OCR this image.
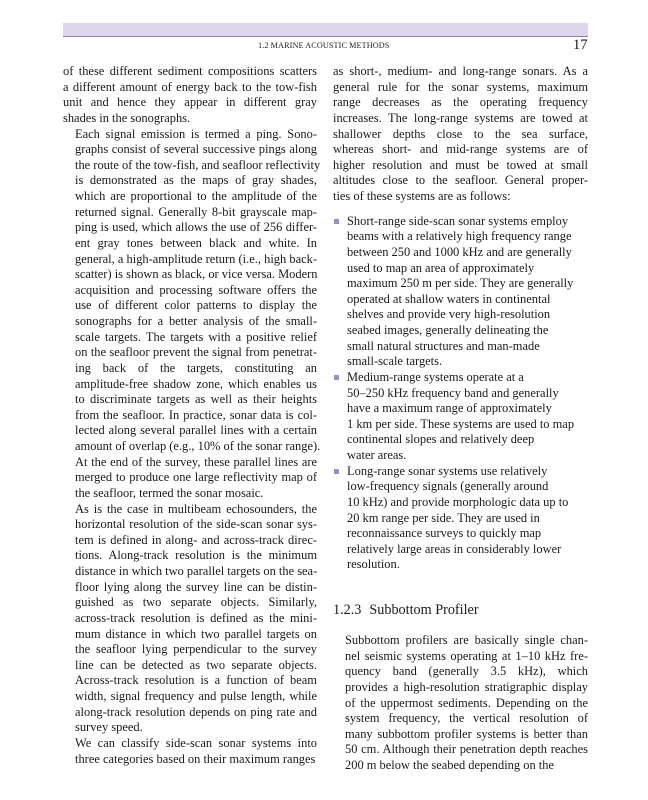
1.2 MARINE ACOUSTIC METHODS	17

of these different sediment compositions scatters
a different amount of energy back to the tow-fish
unit and hence they appear in different gray
shades in the sonographs.

Each signal emission is termed a ping. Sono-
graphs consist of several successive pings along
the route of the tow-fish, and seafloor reflectivity
is demonstrated as the maps of gray shades,
which are proportional to the amplitude of the
returned signal. Generally 8-bit grayscale map-
ping is used, which allows the use of 256 differ-
ent gray tones between black and white. In
general, a high-amplitude return (i.e., high back-
scatter) is shown as black, or vice versa. Modern
acquisition and processing software offers the
use of different color patterns to display the
sonographs for a better analysis of the small-
scale targets. The targets with a positive relief
on the seafloor prevent the signal from penetrat-
ing back of the targets, constituting an
amplitude-free shadow zone, which enables us
to discriminate targets as well as their heights
from the seafloor. In practice, sonar data is col-
lected along several parallel lines with a certain
amount of overlap (e.g., 10% of the sonar range).
At the end of the survey, these parallel lines are
merged to produce one large reflectivity map of
the seafloor, termed the sonar mosaic.

As is the case in multibeam echosounders, the
horizontal resolution of the side-scan sonar sys-
tem is defined in along- and across-track direc-
tions. Along-track resolution is the minimum
distance in which two parallel targets on the sea-
floor lying along the survey line can be distin-
guished as two separate objects. Similarly,
across-track resolution is defined as the mini-
mum distance in which two parallel targets on
the seafloor lying perpendicular to the survey
line can be detected as two separate objects.
Across-track resolution is a function of beam
width, signal frequency and pulse length, while
along-track resolution depends on ping rate and
survey speed.

We can classify side-scan sonar systems into
three categories based on their maximum ranges

as short-, medium- and long-range sonars. As a
general rule for the sonar systems, maximum
range decreases as the operating frequency
increases. The long-range systems are towed at
shallower depths close to the sea surface,
whereas short- and mid-range systems are of
higher resolution and must be towed at small
altitudes close to the seafloor. General proper-
ties of these systems are as follows:

Short-range side-scan sonar systems employ
beams with a relatively high frequency range
between 250 and 1000 kHz and are generally
used to map an area of approximately
maximum 250 m per side. They are generally
operated at shallow waters in continental
shelves and provide very high-resolution
seabed images, generally delineating the
small natural structures and man-made
small-scale targets.
Medium-range systems operate at a
50–250 kHz frequency band and generally
have a maximum range of approximately
1 km per side. These systems are used to map
continental slopes and relatively deep
water areas.
Long-range sonar systems use relatively
low-frequency signals (generally around
10 kHz) and provide morphologic data up to
20 km range per side. They are used in
reconnaissance surveys to quickly map
relatively large areas in considerably lower
resolution.
1.2.3 Subbottom Profiler

Subbottom profilers are basically single chan-
nel seismic systems operating at 1–10 kHz fre-
quency band (generally 3.5 kHz), which
provides a high-resolution stratigraphic display
of the uppermost sediments. Depending on the
system frequency, the vertical resolution of
many subbottom profiler systems is better than
50 cm. Although their penetration depth reaches
200 m below the seabed depending on the
